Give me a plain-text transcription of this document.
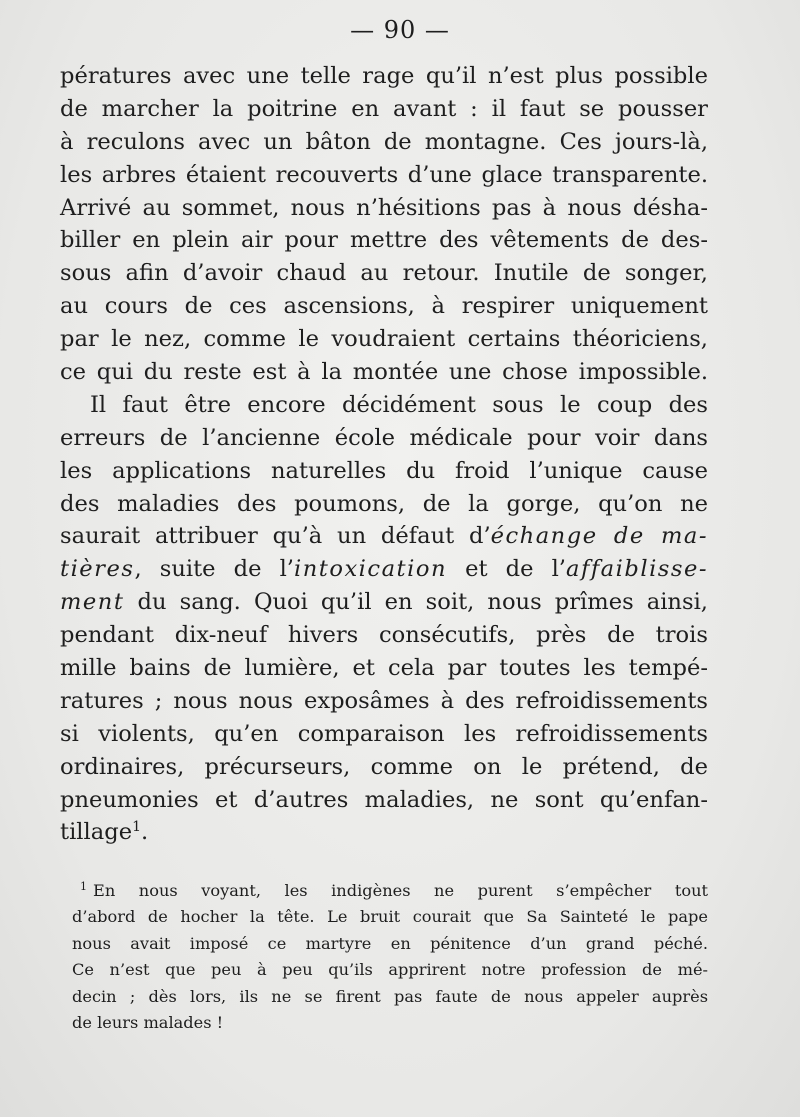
— 90 —
pératures avec une telle rage qu’il n’est plus possible
de marcher la poitrine en avant : il faut se pousser
à reculons avec un bâton de montagne. Ces jours-là,
les arbres étaient recouverts d’une glace transparente.
Arrivé au sommet, nous n’hésitions pas à nous désha-
biller en plein air pour mettre des vêtements de des-
sous afin d’avoir chaud au retour. Inutile de songer,
au cours de ces ascensions, à respirer uniquement
par le nez, comme le voudraient certains théoriciens,
ce qui du reste est à la montée une chose impossible.
Il faut être encore décidément sous le coup des
erreurs de l’ancienne école médicale pour voir dans
les applications naturelles du froid l’unique cause
des maladies des poumons, de la gorge, qu’on ne
saurait attribuer qu’à un défaut d’échange de ma-
tières, suite de l’intoxication et de l’affaiblisse-
ment du sang. Quoi qu’il en soit, nous prîmes ainsi,
pendant dix-neuf hivers consécutifs, près de trois
mille bains de lumière, et cela par toutes les tempé-
ratures ; nous nous exposâmes à des refroidissements
si violents, qu’en comparaison les refroidissements
ordinaires, précurseurs, comme on le prétend, de
pneumonies et d’autres maladies, ne sont qu’enfan-
tillage$^1$.
$^1$ En nous voyant, les indigènes ne purent s’empêcher tout
d’abord de hocher la tête. Le bruit courait que Sa Sainteté le pape
nous avait imposé ce martyre en pénitence d’un grand péché.
Ce n’est que peu à peu qu’ils apprirent notre profession de mé-
decin ; dès lors, ils ne se firent pas faute de nous appeler auprès
de leurs malades !
